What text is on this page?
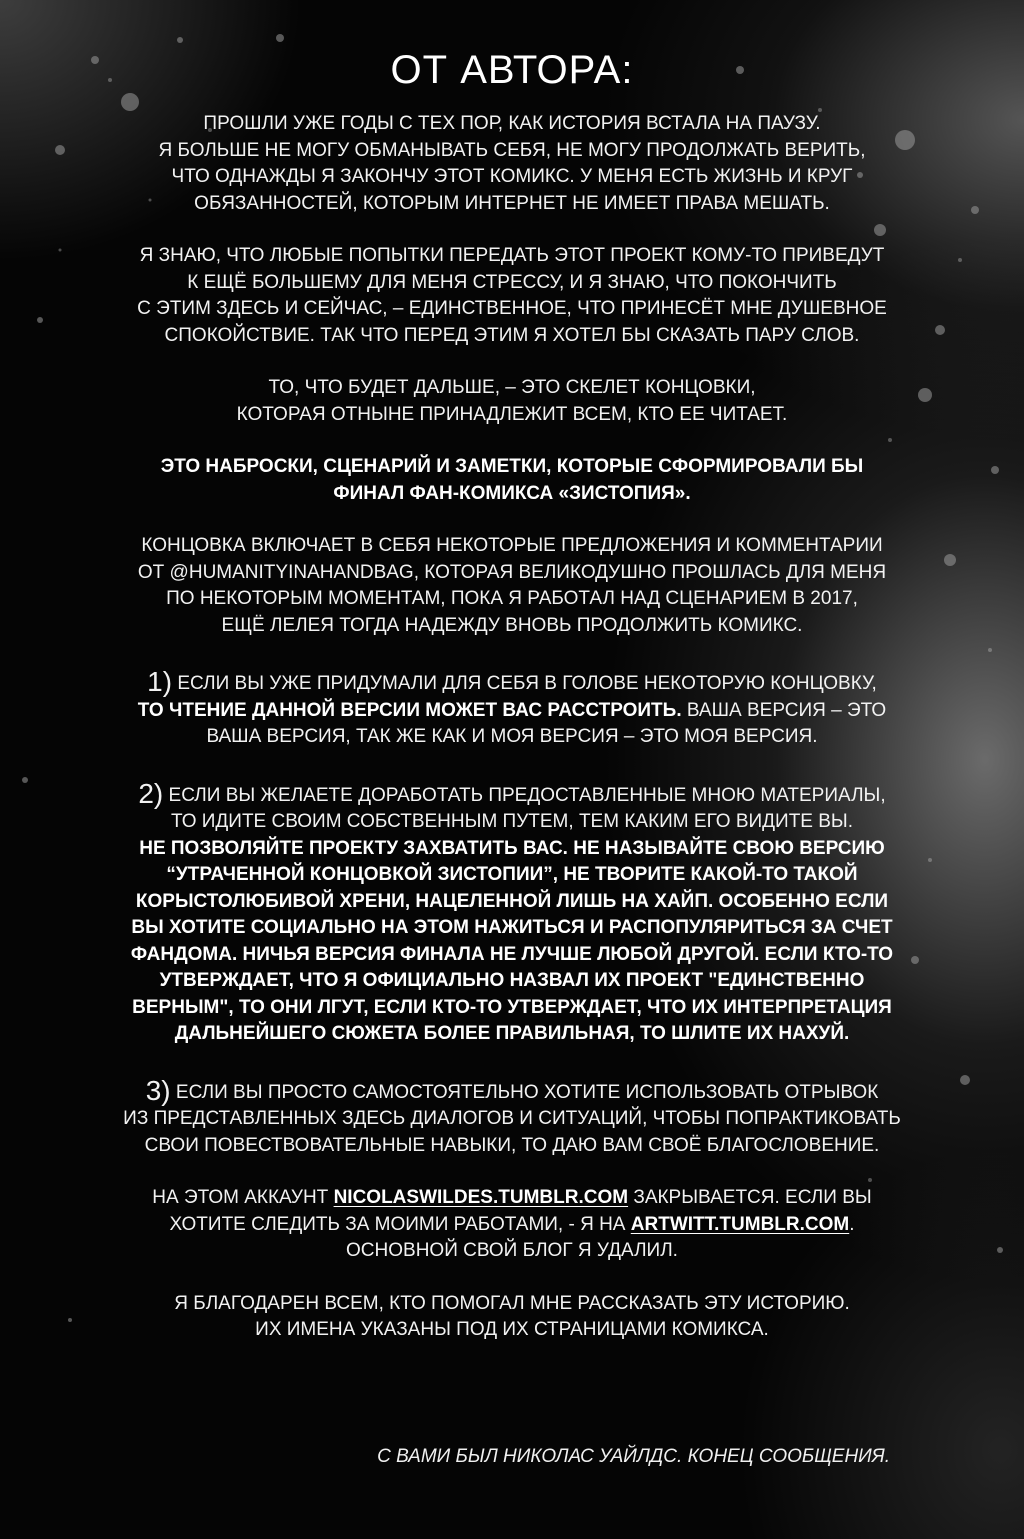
ОТ АВТОРА:
ПРОШЛИ УЖЕ ГОДЫ С ТЕХ ПОР, КАК ИСТОРИЯ ВСТАЛА НА ПАУЗУ.
Я БОЛЬШЕ НЕ МОГУ ОБМАНЫВАТЬ СЕБЯ, НЕ МОГУ ПРОДОЛЖАТЬ ВЕРИТЬ,
ЧТО ОДНАЖДЫ Я ЗАКОНЧУ ЭТОТ КОМИКС. У МЕНЯ ЕСТЬ ЖИЗНЬ И КРУГ
ОБЯЗАННОСТЕЙ, КОТОРЫМ ИНТЕРНЕТ НЕ ИМЕЕТ ПРАВА МЕШАТЬ.
Я ЗНАЮ, ЧТО ЛЮБЫЕ ПОПЫТКИ ПЕРЕДАТЬ ЭТОТ ПРОЕКТ КОМУ-ТО ПРИВЕДУТ
К ЕЩЁ БОЛЬШЕМУ ДЛЯ МЕНЯ СТРЕССУ, И Я ЗНАЮ, ЧТО ПОКОНЧИТЬ
С ЭТИМ ЗДЕСЬ И СЕЙЧАС, – ЕДИНСТВЕННОЕ, ЧТО ПРИНЕСЁТ МНЕ ДУШЕВНОЕ
СПОКОЙСТВИЕ. ТАК ЧТО ПЕРЕД ЭТИМ Я ХОТЕЛ БЫ СКАЗАТЬ ПАРУ СЛОВ.
ТО, ЧТО БУДЕТ ДАЛЬШЕ, – ЭТО СКЕЛЕТ КОНЦОВКИ,
КОТОРАЯ ОТНЫНЕ ПРИНАДЛЕЖИТ ВСЕМ, КТО ЕЕ ЧИТАЕТ.
ЭТО НАБРОСКИ, СЦЕНАРИЙ И ЗАМЕТКИ, КОТОРЫЕ СФОРМИРОВАЛИ БЫ
ФИНАЛ ФАН-КОМИКСА «ЗИСТОПИЯ».
КОНЦОВКА ВКЛЮЧАЕТ В СЕБЯ НЕКОТОРЫЕ ПРЕДЛОЖЕНИЯ И КОММЕНТАРИИ
ОТ @HUMANITYINAHANDBAG, КОТОРАЯ ВЕЛИКОДУШНО ПРОШЛАСЬ ДЛЯ МЕНЯ
ПО НЕКОТОРЫМ МОМЕНТАМ, ПОКА Я РАБОТАЛ НАД СЦЕНАРИЕМ В 2017,
ЕЩЁ ЛЕЛЕЯ ТОГДА НАДЕЖДУ ВНОВЬ ПРОДОЛЖИТЬ КОМИКС.
1) ЕСЛИ ВЫ УЖЕ ПРИДУМАЛИ ДЛЯ СЕБЯ В ГОЛОВЕ НЕКОТОРУЮ КОНЦОВКУ,
ТО ЧТЕНИЕ ДАННОЙ ВЕРСИИ МОЖЕТ ВАС РАССТРОИТЬ. ВАША ВЕРСИЯ – ЭТО
ВАША ВЕРСИЯ, ТАК ЖЕ КАК И МОЯ ВЕРСИЯ – ЭТО МОЯ ВЕРСИЯ.
2) ЕСЛИ ВЫ ЖЕЛАЕТЕ ДОРАБОТАТЬ ПРЕДОСТАВЛЕННЫЕ МНОЮ МАТЕРИАЛЫ,
ТО ИДИТЕ СВОИМ СОБСТВЕННЫМ ПУТЕМ, ТЕМ КАКИМ ЕГО ВИДИТЕ ВЫ.
НЕ ПОЗВОЛЯЙТЕ ПРОЕКТУ ЗАХВАТИТЬ ВАС. НЕ НАЗЫВАЙТЕ СВОЮ ВЕРСИЮ
“УТРАЧЕННОЙ КОНЦОВКОЙ ЗИСТОПИИ”, НЕ ТВОРИТЕ КАКОЙ-ТО ТАКОЙ
КОРЫСТОЛЮБИВОЙ ХРЕНИ, НАЦЕЛЕННОЙ ЛИШЬ НА ХАЙП. ОСОБЕННО ЕСЛИ
ВЫ ХОТИТЕ СОЦИАЛЬНО НА ЭТОМ НАЖИТЬСЯ И РАСПОПУЛЯРИТЬСЯ ЗА СЧЕТ
ФАНДОМА. НИЧЬЯ ВЕРСИЯ ФИНАЛА НЕ ЛУЧШЕ ЛЮБОЙ ДРУГОЙ. ЕСЛИ КТО-ТО
УТВЕРЖДАЕТ, ЧТО Я ОФИЦИАЛЬНО НАЗВАЛ ИХ ПРОЕКТ "ЕДИНСТВЕННО
ВЕРНЫМ", ТО ОНИ ЛГУТ, ЕСЛИ КТО-ТО УТВЕРЖДАЕТ, ЧТО ИХ ИНТЕРПРЕТАЦИЯ
ДАЛЬНЕЙШЕГО СЮЖЕТА БОЛЕЕ ПРАВИЛЬНАЯ, ТО ШЛИТЕ ИХ НАХУЙ.
3) ЕСЛИ ВЫ ПРОСТО САМОСТОЯТЕЛЬНО ХОТИТЕ ИСПОЛЬЗОВАТЬ ОТРЫВОК
ИЗ ПРЕДСТАВЛЕННЫХ ЗДЕСЬ ДИАЛОГОВ И СИТУАЦИЙ, ЧТОБЫ ПОПРАКТИКОВАТЬ
СВОИ ПОВЕСТВОВАТЕЛЬНЫЕ НАВЫКИ, ТО ДАЮ ВАМ СВОЁ БЛАГОСЛОВЕНИЕ.
НА ЭТОМ АККАУНТ NICOLASWILDES.TUMBLR.COM ЗАКРЫВАЕТСЯ. ЕСЛИ ВЫ
ХОТИТЕ СЛЕДИТЬ ЗА МОИМИ РАБОТАМИ, - Я НА ARTWITT.TUMBLR.COM.
ОСНОВНОЙ СВОЙ БЛОГ Я УДАЛИЛ.
Я БЛАГОДАРЕН ВСЕМ, КТО ПОМОГАЛ МНЕ РАССКАЗАТЬ ЭТУ ИСТОРИЮ.
ИХ ИМЕНА УКАЗАНЫ ПОД ИХ СТРАНИЦАМИ КОМИКСА.
С ВАМИ БЫЛ НИКОЛАС УАЙЛДС. КОНЕЦ СООБЩЕНИЯ.
